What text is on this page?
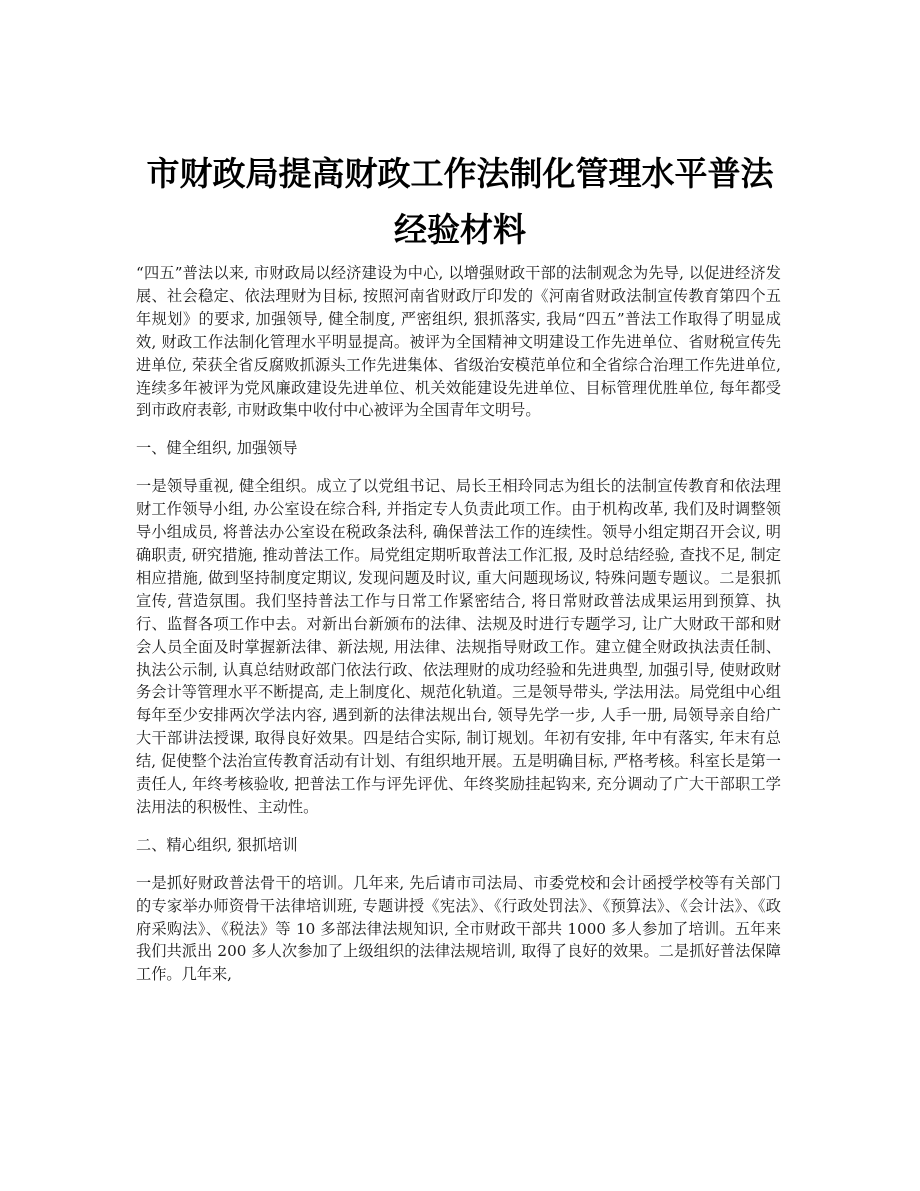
市财政局提高财政工作法制化管理水平普法
经验材料

“四五”普法以来, 市财政局以经济建设为中心, 以增强财政干部的法制观念为先导, 以促进经济发展、社会稳定、依法理财为目标, 按照河南省财政厅印发的《河南省财政法制宣传教育第四个五年规划》的要求, 加强领导, 健全制度, 严密组织, 狠抓落实, 我局“四五”普法工作取得了明显成效, 财政工作法制化管理水平明显提高。被评为全国精神文明建设工作先进单位、省财税宣传先进单位, 荣获全省反腐败抓源头工作先进集体、省级治安模范单位和全省综合治理工作先进单位, 连续多年被评为党风廉政建设先进单位、机关效能建设先进单位、目标管理优胜单位, 每年都受到市政府表彰, 市财政集中收付中心被评为全国青年文明号。

一、健全组织, 加强领导

一是领导重视, 健全组织。成立了以党组书记、局长王相玲同志为组长的法制宣传教育和依法理财工作领导小组, 办公室设在综合科, 并指定专人负责此项工作。由于机构改革, 我们及时调整领导小组成员, 将普法办公室设在税政条法科, 确保普法工作的连续性。领导小组定期召开会议, 明确职责, 研究措施, 推动普法工作。局党组定期听取普法工作汇报, 及时总结经验, 查找不足, 制定相应措施, 做到坚持制度定期议, 发现问题及时议, 重大问题现场议, 特殊问题专题议。二是狠抓宣传, 营造氛围。我们坚持普法工作与日常工作紧密结合, 将日常财政普法成果运用到预算、执行、监督各项工作中去。对新出台新颁布的法律、法规及时进行专题学习, 让广大财政干部和财会人员全面及时掌握新法律、新法规, 用法律、法规指导财政工作。建立健全财政执法责任制、执法公示制, 认真总结财政部门依法行政、依法理财的成功经验和先进典型, 加强引导, 使财政财务会计等管理水平不断提高, 走上制度化、规范化轨道。三是领导带头, 学法用法。局党组中心组每年至少安排两次学法内容, 遇到新的法律法规出台, 领导先学一步, 人手一册, 局领导亲自给广大干部讲法授课, 取得良好效果。四是结合实际, 制订规划。年初有安排, 年中有落实, 年末有总结, 促使整个法治宣传教育活动有计划、有组织地开展。五是明确目标, 严格考核。科室长是第一责任人, 年终考核验收, 把普法工作与评先评优、年终奖励挂起钩来, 充分调动了广大干部职工学法用法的积极性、主动性。

二、精心组织, 狠抓培训

一是抓好财政普法骨干的培训。几年来, 先后请市司法局、市委党校和会计函授学校等有关部门的专家举办师资骨干法律培训班, 专题讲授《宪法》、《行政处罚法》、《预算法》、《会计法》、《政府采购法》、《税法》等 10 多部法律法规知识, 全市财政干部共 1000 多人参加了培训。五年来我们共派出 200 多人次参加了上级组织的法律法规培训, 取得了良好的效果。二是抓好普法保障工作。几年来,
